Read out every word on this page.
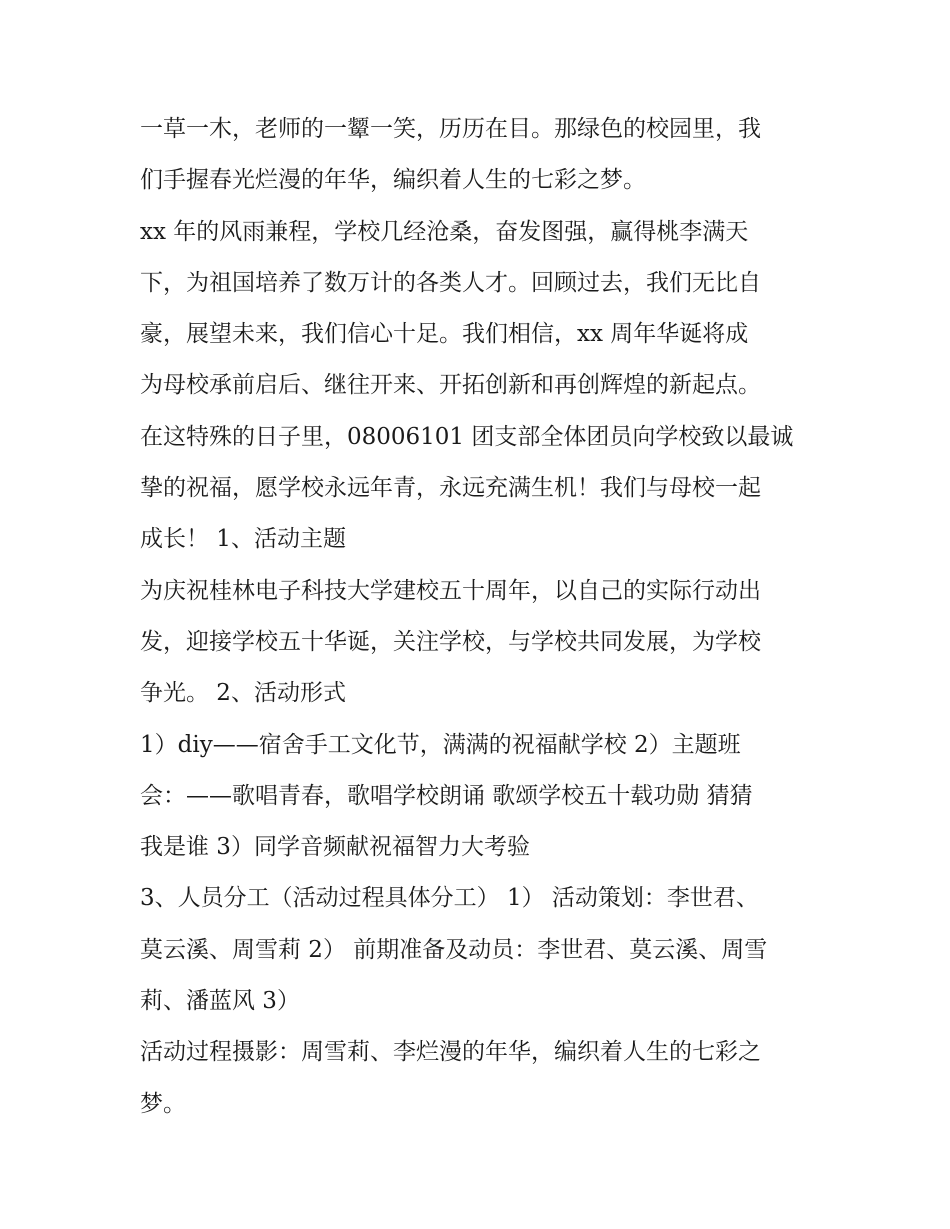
一草一木，老师的一颦一笑，历历在目。那绿色的校园里，我
们手握春光烂漫的年华，编织着人生的七彩之梦。
xx 年的风雨兼程，学校几经沧桑，奋发图强，赢得桃李满天
下，为祖国培养了数万计的各类人才。回顾过去，我们无比自
豪，展望未来，我们信心十足。我们相信，xx 周年华诞将成
为母校承前启后、继往开来、开拓创新和再创辉煌的新起点。
在这特殊的日子里，08006101 团支部全体团员向学校致以最诚
挚的祝福，愿学校永远年青，永远充满生机！我们与母校一起
成长！ 1、活动主题
为庆祝桂林电子科技大学建校五十周年，以自己的实际行动出
发，迎接学校五十华诞，关注学校，与学校共同发展，为学校
争光。 2、活动形式
1）diy——宿舍手工文化节，满满的祝福献学校 2）主题班
会：——歌唱青春，歌唱学校朗诵 歌颂学校五十载功勋 猜猜
我是谁 3）同学音频献祝福智力大考验
3、人员分工（活动过程具体分工） 1） 活动策划：李世君、
莫云溪、周雪莉 2） 前期准备及动员：李世君、莫云溪、周雪
莉、潘蓝风 3）
活动过程摄影：周雪莉、李烂漫的年华，编织着人生的七彩之
梦。
